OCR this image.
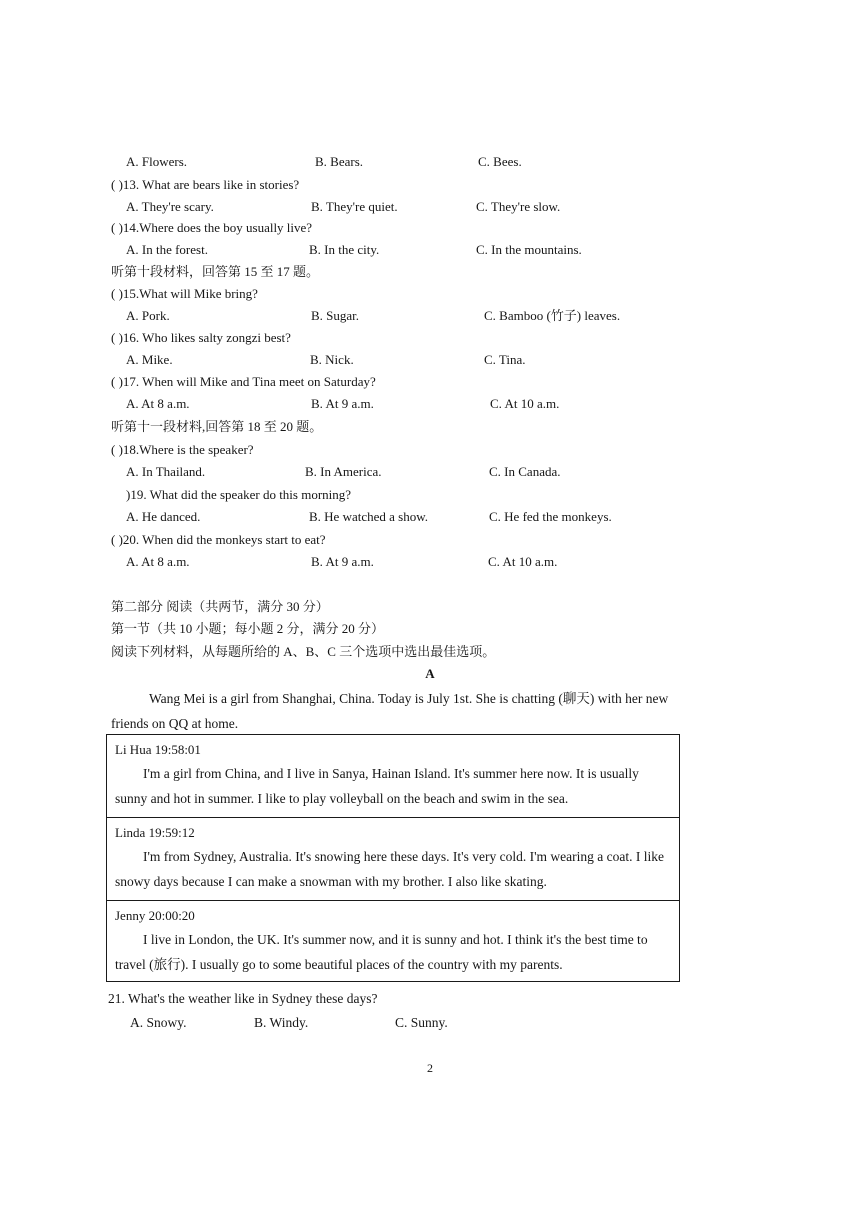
A. Flowers.	B. Bears.	C. Bees.
( )13. What are bears like in stories?
A. They're scary.	B. They're quiet.	C. They're slow.
( )14.Where does the boy usually live?
A. In the forest.	B. In the city.	C. In the mountains.
听第十段材料，回答第 15 至 17 题。
( )15.What will Mike bring?
A. Pork.	B. Sugar.	C. Bamboo (竹子) leaves.
( )16. Who likes salty zongzi best?
A. Mike.	B. Nick.	C. Tina.
( )17. When will Mike and Tina meet on Saturday?
A. At 8 a.m.	B. At 9 a.m.	C. At 10 a.m.
听第十一段材料,回答第 18 至 20 题。
( )18.Where is the speaker?
A. In Thailand.	B. In America.	C. In Canada.
)19. What did the speaker do this morning?
A. He danced.	B. He watched a show.	C. He fed the monkeys.
( )20. When did the monkeys start to eat?
A. At 8 a.m.	B. At 9 a.m.	C. At 10 a.m.
第二部分 阅读（共两节，满分 30 分）
第一节（共 10 小题；每小题 2 分，满分 20 分）
阅读下列材料，从每题所给的 A、B、C 三个选项中选出最佳选项。
A
Wang Mei is a girl from Shanghai, China. Today is July 1st. She is chatting (聊天) with her new friends on QQ at home.
Li Hua 19:58:01
I'm a girl from China, and I live in Sanya, Hainan Island. It's summer here now. It is usually sunny and hot in summer. I like to play volleyball on the beach and swim in the sea.
Linda 19:59:12
I'm from Sydney, Australia. It's snowing here these days. It's very cold. I'm wearing a coat. I like snowy days because I can make a snowman with my brother. I also like skating.
Jenny 20:00:20
I live in London, the UK. It's summer now, and it is sunny and hot. I think it's the best time to travel (旅行). I usually go to some beautiful places of the country with my parents.
21. What's the weather like in Sydney these days?
A. Snowy.	B. Windy.	C. Sunny.
2
